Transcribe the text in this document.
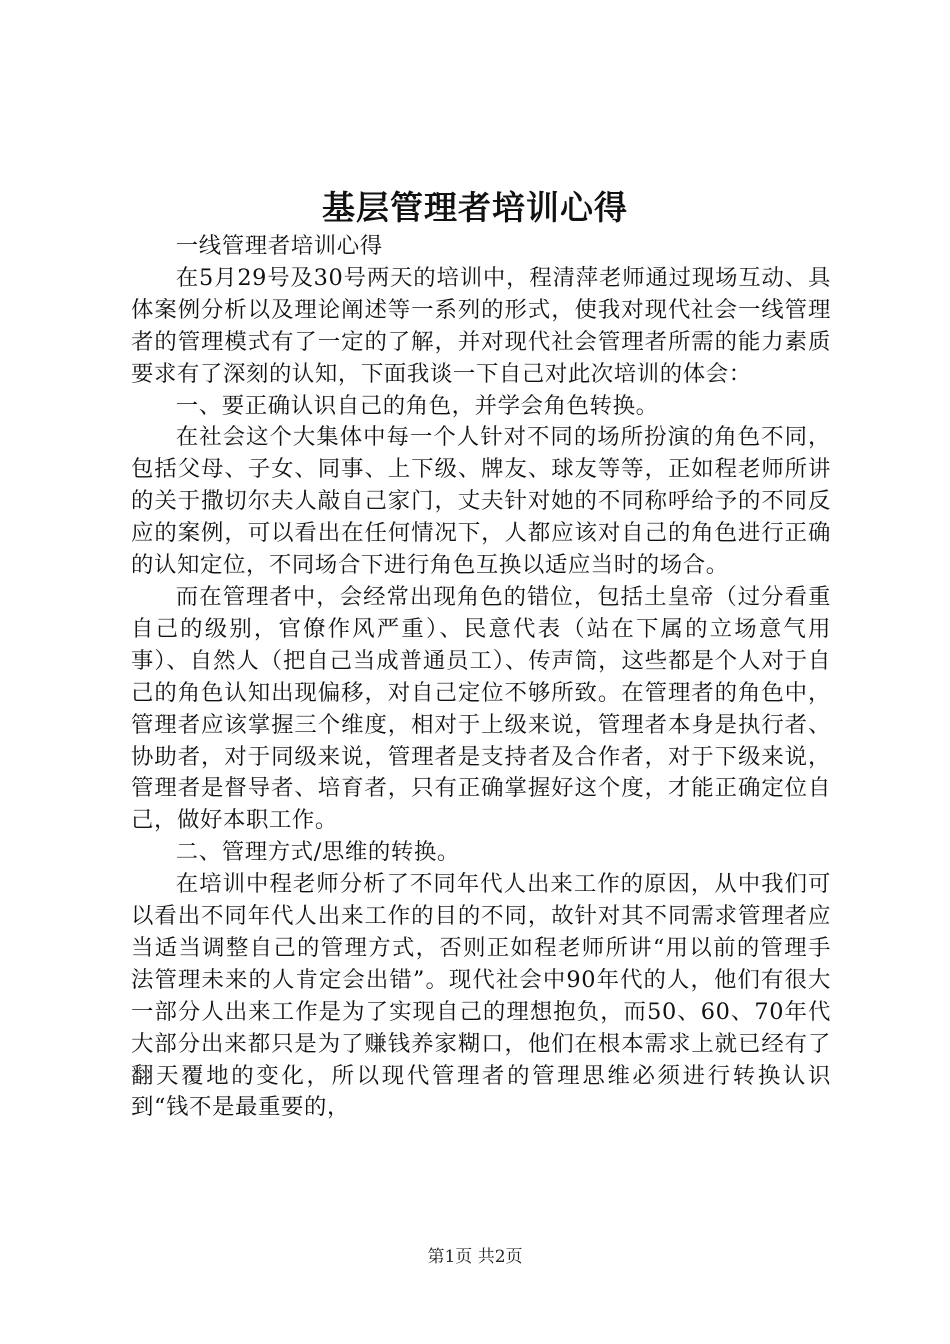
基层管理者培训心得

一线管理者培训心得

在5月29号及30号两天的培训中，程清萍老师通过现场互动、具体案例分析以及理论阐述等一系列的形式，使我对现代社会一线管理者的管理模式有了一定的了解，并对现代社会管理者所需的能力素质要求有了深刻的认知，下面我谈一下自己对此次培训的体会：

一、要正确认识自己的角色，并学会角色转换。

在社会这个大集体中每一个人针对不同的场所扮演的角色不同，包括父母、子女、同事、上下级、牌友、球友等等，正如程老师所讲的关于撒切尔夫人敲自己家门，丈夫针对她的不同称呼给予的不同反应的案例，可以看出在任何情况下，人都应该对自己的角色进行正确的认知定位，不同场合下进行角色互换以适应当时的场合。

而在管理者中，会经常出现角色的错位，包括土皇帝（过分看重自己的级别，官僚作风严重）、民意代表（站在下属的立场意气用事）、自然人（把自己当成普通员工）、传声筒，这些都是个人对于自己的角色认知出现偏移，对自己定位不够所致。在管理者的角色中，管理者应该掌握三个维度，相对于上级来说，管理者本身是执行者、协助者，对于同级来说，管理者是支持者及合作者，对于下级来说，管理者是督导者、培育者，只有正确掌握好这个度，才能正确定位自己，做好本职工作。

二、管理方式/思维的转换。

在培训中程老师分析了不同年代人出来工作的原因，从中我们可以看出不同年代人出来工作的目的不同，故针对其不同需求管理者应当适当调整自己的管理方式，否则正如程老师所讲“用以前的管理手法管理未来的人肯定会出错”。现代社会中90年代的人，他们有很大一部分人出来工作是为了实现自己的理想抱负，而50、60、70年代大部分出来都只是为了赚钱养家糊口，他们在根本需求上就已经有了翻天覆地的变化，所以现代管理者的管理思维必须进行转换认识到“钱不是最重要的，

第1页 共2页
